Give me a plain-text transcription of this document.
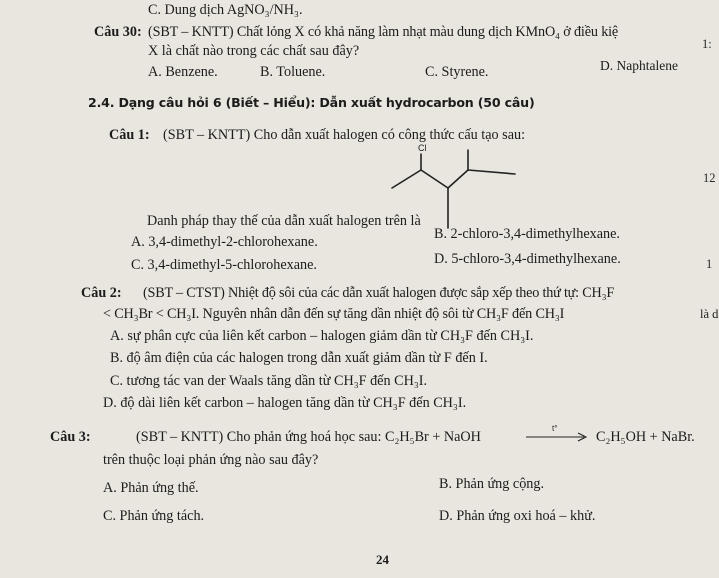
C. Dung dịch AgNO₃/NH₃.
Câu 30: (SBT – KNTT) Chất lỏng X có khả năng làm nhạt màu dung dịch KMnO₄ ở điều kiệ
X là chất nào trong các chất sau đây?
A. Benzene.	B. Toluene.	C. Styrene.	D. Naphtalene
2.4. Dạng câu hỏi 6 (Biết – Hiểu): Dẫn xuất hydrocarbon (50 câu)
Câu 1: (SBT – KNTT) Cho dẫn xuất halogen có công thức cấu tạo sau:
Cl
Danh pháp thay thế của dẫn xuất halogen trên là
A. 3,4-dimethyl-2-chlorohexane.	B. 2-chloro-3,4-dimethylhexane.
C. 3,4-dimethyl-5-chlorohexane.	D. 5-chloro-3,4-dimethylhexane.
Câu 2: (SBT – CTST) Nhiệt độ sôi của các dẫn xuất halogen được sắp xếp theo thứ tự: CH₃F
< CH₃Br < CH₃I. Nguyên nhân dẫn đến sự tăng dần nhiệt độ sôi từ CH₃F đến CH₃I	là d
A. sự phân cực của liên kết carbon – halogen giảm dần từ CH₃F đến CH₃I.
B. độ âm điện của các halogen trong dẫn xuất giảm dần từ F đến I.
C. tương tác van der Waals tăng dần từ CH₃F đến CH₃I.
D. độ dài liên kết carbon – halogen tăng dần từ CH₃F đến CH₃I.
Câu 3:	(SBT – KNTT) Cho phản ứng hoá học sau: C₂H₅Br + NaOH
t°
C₂H₅OH + NaBr.
trên thuộc loại phản ứng nào sau đây?
A. Phản ứng thế.	B. Phản ứng cộng.
C. Phản ứng tách.	D. Phản ứng oxi hoá – khử.
24
1:
12
1
